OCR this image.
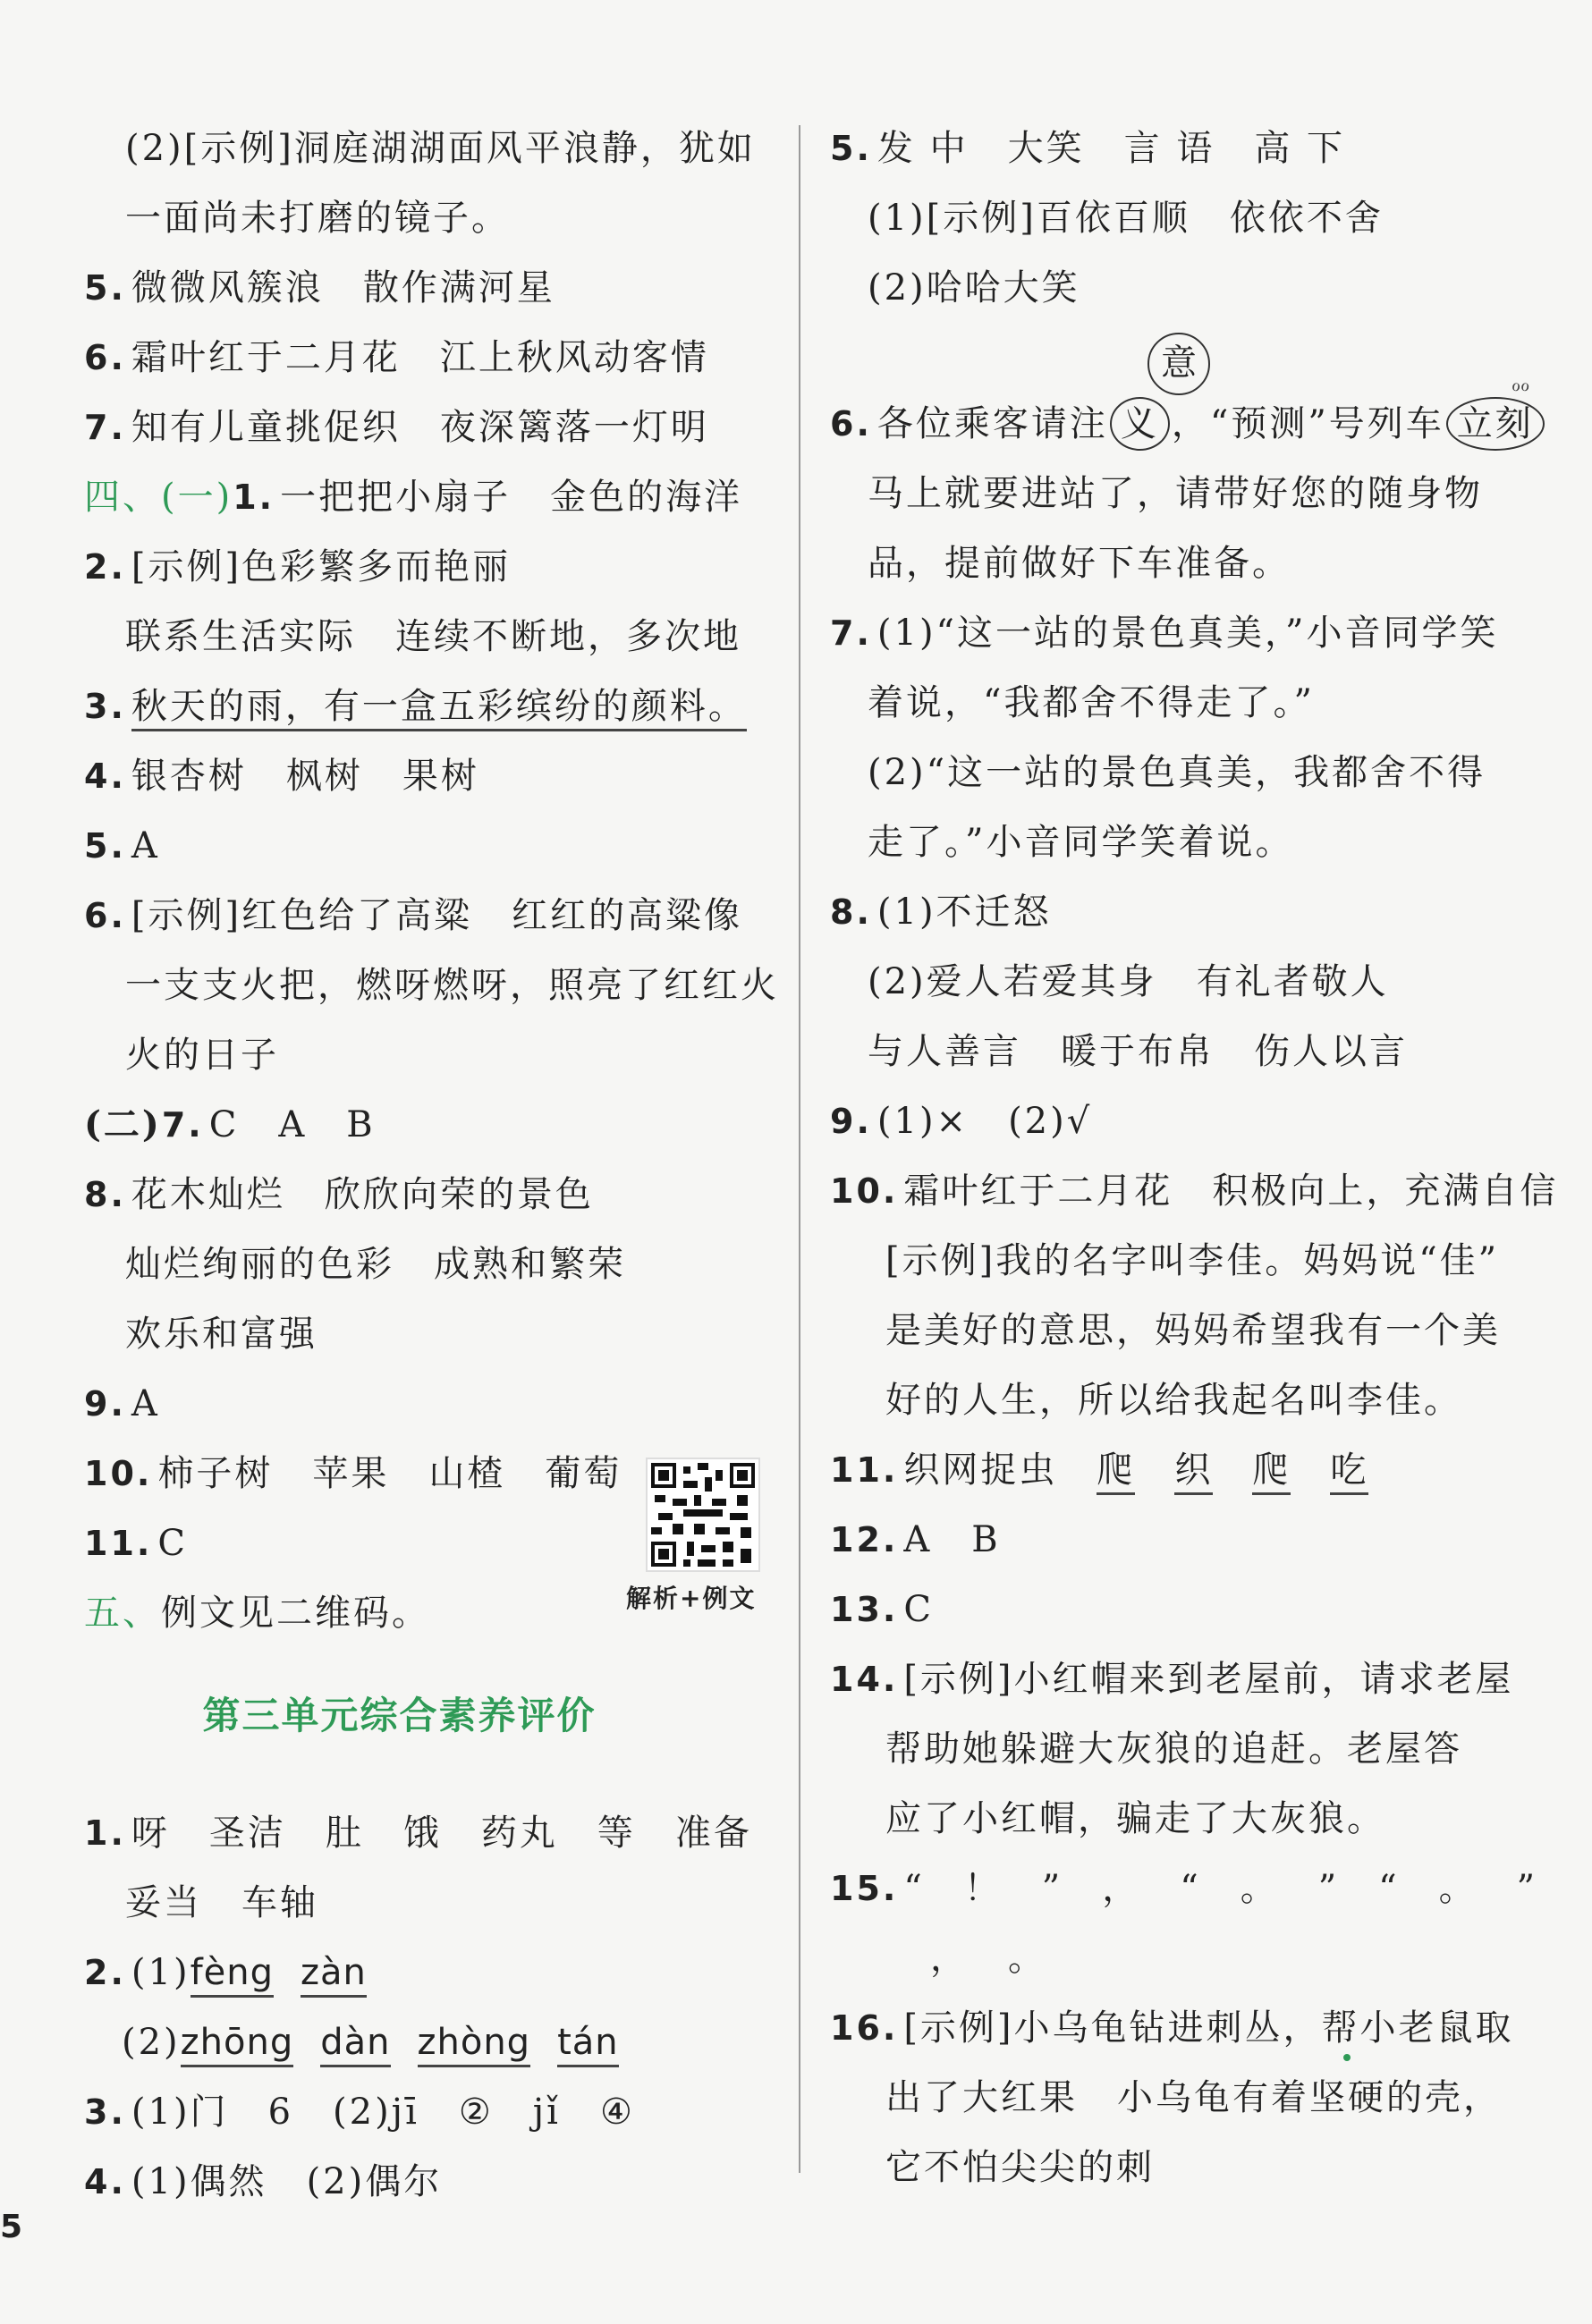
(2)[示例]洞庭湖湖面风平浪静，犹如
一面尚未打磨的镜子。
5. 微微风簇浪 散作满河星
6. 霜叶红于二月花 江上秋风动客情
7. 知有儿童挑促织 夜深篱落一灯明
四、(一)1. 一把把小扇子 金色的海洋
2. [示例]色彩繁多而艳丽
联系生活实际 连续不断地，多次地
3. 秋天的雨，有一盒五彩缤纷的颜料。
4. 银杏树 枫树 果树
5. A
6. [示例]红色给了高粱 红红的高粱像
一支支火把，燃呀燃呀，照亮了红红火
火的日子
(二)7. C A B
8. 花木灿烂 欣欣向荣的景色
灿烂绚丽的色彩 成熟和繁荣
欢乐和富强
9. A
10. 柿子树 苹果 山楂 葡萄
11. C
五、例文见二维码。	解析+例文
第三单元综合素养评价
1. 呀 圣洁 肚 饿 药丸 等 准备
妥当 车轴
2. (1)fèng zàn
(2)zhōng dàn zhòng tán
3. (1)门 6 (2)jī ② jǐ ④
4. (1)偶然 (2)偶尔
5
5. 发 中 大笑 言 语 高 下
(1)[示例]百依百顺 依依不舍
(2)哈哈大笑
意
ℴℴ
6. 各位乘客请注 义 ，“预测”号列车 立刻
马上就要进站了，请带好您的随身物
品，提前做好下车准备。
7. (1)“这一站的景色真美，”小音同学笑
着说，“我都舍不得走了。”
(2)“这一站的景色真美，我都舍不得
走了。”小音同学笑着说。
8. (1)不迁怒
(2)爱人若爱其身 有礼者敬人
与人善言 暖于布帛 伤人以言
9. (1)× (2)√
10. 霜叶红于二月花 积极向上，充满自信
[示例]我的名字叫李佳。妈妈说“佳”
是美好的意思，妈妈希望我有一个美
好的人生，所以给我起名叫李佳。
11. 织网捉虫 爬 织 爬 吃
12. A B
13. C
14. [示例]小红帽来到老屋前，请求老屋
帮助她躲避大灰狼的追赶。老屋答
应了小红帽，骗走了大灰狼。
15. “ ！ ” ， “ 。 ” “ 。 ”
， 。
16. [示例]小乌龟钻进刺丛，帮小老鼠取
出了大红果 小乌龟有着坚硬的壳，
它不怕尖尖的刺
